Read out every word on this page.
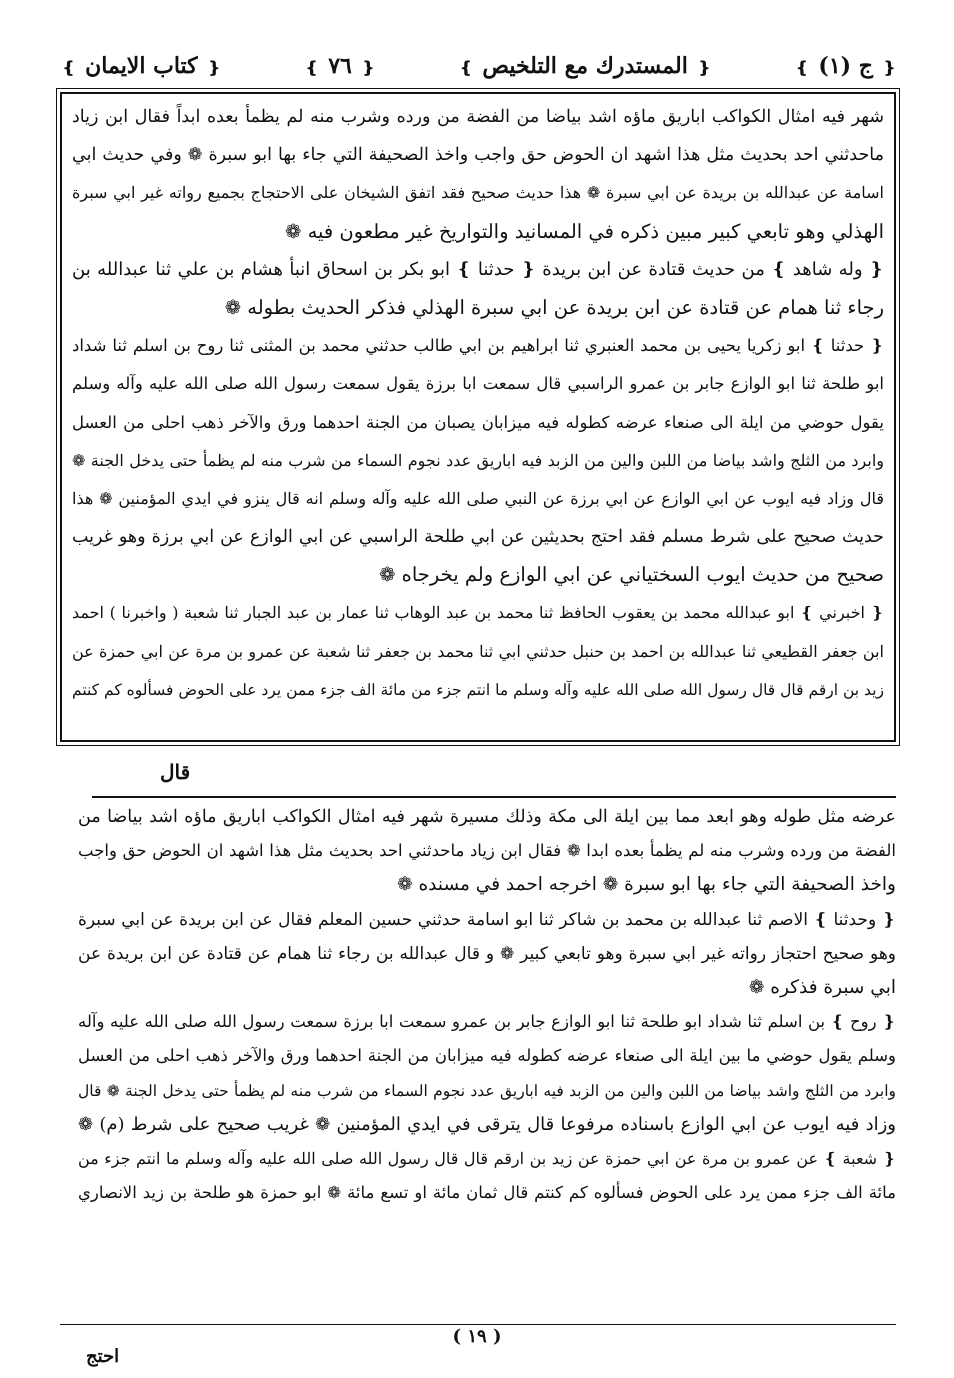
❴ ج (١) ❵
❴ المستدرك مع التلخيص ❵
❴ ٧٦ ❵
❴ كتاب الايمان ❵
شهر فيه امثال الكواكب اباريق ماؤه اشد بياضا من الفضة من ورده وشرب منه لم يظمأ بعده ابداً فقال ابن زياد
ماحدثني احد بحديث مثل هذا اشهد ان الحوض حق واجب واخذ الصحيفة التي جاء بها ابو سبرة ❁ وفي حديث ابي
اسامة عن عبدالله بن بريدة عن ابي سبرة ❁ هذا حديث صحيح فقد اتفق الشيخان على الاحتجاج بجميع رواته غير ابي سبرة
الهذلي وهو تابعي كبير مبين ذكره في المسانيد والتواريخ غير مطعون فيه ❁
❴ وله شاهد ❵ من حديث قتادة عن ابن بريدة ❴ حدثنا ❵ ابو بكر بن اسحاق انبأ هشام بن علي ثنا عبدالله بن
رجاء ثنا همام عن قتادة عن ابن بريدة عن ابي سبرة الهذلي فذكر الحديث بطوله ❁
❴ حدثنا ❵ ابو زكريا يحيى بن محمد العنبري ثنا ابراهيم بن ابي طالب حدثني محمد بن المثنى ثنا روح بن اسلم ثنا شداد
ابو طلحة ثنا ابو الوازع جابر بن عمرو الراسبي قال سمعت ابا برزة يقول سمعت رسول الله صلى الله عليه وآله وسلم
يقول حوضي من ايلة الى صنعاء عرضه كطوله فيه ميزابان يصبان من الجنة احدهما ورق والآخر ذهب احلى من العسل
وابرد من الثلج واشد بياضا من اللبن والين من الزبد فيه اباريق عدد نجوم السماء من شرب منه لم يظمأ حتى يدخل الجنة ❁
قال وزاد فيه ايوب عن ابي الوازع عن ابي برزة عن النبي صلى الله عليه وآله وسلم انه قال ينزو في ايدي المؤمنين ❁ هذا
حديث صحيح على شرط مسلم فقد احتج بحديثين عن ابي طلحة الراسبي عن ابي الوازع عن ابي برزة وهو غريب
صحيح من حديث ايوب السختياني عن ابي الوازع ولم يخرجاه ❁
❴ اخبرني ❵ ابو عبدالله محمد بن يعقوب الحافظ ثنا محمد بن عبد الوهاب ثنا عمار بن عبد الجبار ثنا شعبة ( واخبرنا ) احمد
ابن جعفر القطيعي ثنا عبدالله بن احمد بن حنبل حدثني ابي ثنا محمد بن جعفر ثنا شعبة عن عمرو بن مرة عن ابي حمزة عن
زيد بن ارقم قال قال رسول الله صلى الله عليه وآله وسلم ما انتم جزء من مائة الف جزء ممن يرد على الحوض فسألوه كم كنتم
قال
عرضه مثل طوله وهو ابعد مما بين ايلة الى مكة وذلك مسيرة شهر فيه امثال الكواكب اباريق ماؤه اشد بياضا من
الفضة من ورده وشرب منه لم يظمأ بعده ابدا ❁ فقال ابن زياد ماحدثني احد بحديث مثل هذا اشهد ان الحوض حق واجب
واخذ الصحيفة التي جاء بها ابو سبرة ❁ اخرجه احمد في مسنده ❁
❴ وحدثنا ❵ الاصم ثنا عبدالله بن محمد بن شاكر ثنا ابو اسامة حدثني حسين المعلم فقال عن ابن بريدة عن ابي سبرة
وهو صحيح احتجاز رواته غير ابي سبرة وهو تابعي كبير ❁ و قال عبدالله بن رجاء ثنا همام عن قتادة عن ابن بريدة عن
ابي سبرة فذكره ❁
❴ روح ❵ بن اسلم ثنا شداد ابو طلحة ثنا ابو الوازع جابر بن عمرو سمعت ابا برزة سمعت رسول الله صلى الله عليه وآله
وسلم يقول حوضي ما بين ايلة الى صنعاء عرضه كطوله فيه ميزابان من الجنة احدهما ورق والآخر ذهب احلى من العسل
وابرد من الثلج واشد بياضا من اللبن والين من الزبد فيه اباريق عدد نجوم السماء من شرب منه لم يظمأ حتى يدخل الجنة ❁ قال
وزاد فيه ايوب عن ابي الوازع باسناده مرفوعا قال يترقى في ايدي المؤمنين ❁ غريب صحيح على شرط (م) ❁
❴ شعبة ❵ عن عمرو بن مرة عن ابي حمزة عن زيد بن ارقم قال قال رسول الله صلى الله عليه وآله وسلم ما انتم جزء من
مائة الف جزء ممن يرد على الحوض فسألوه كم كنتم قال ثمان مائة او تسع مائة ❁ ابو حمزة هو طلحة بن زيد الانصاري
( ١٩ )
احتج
